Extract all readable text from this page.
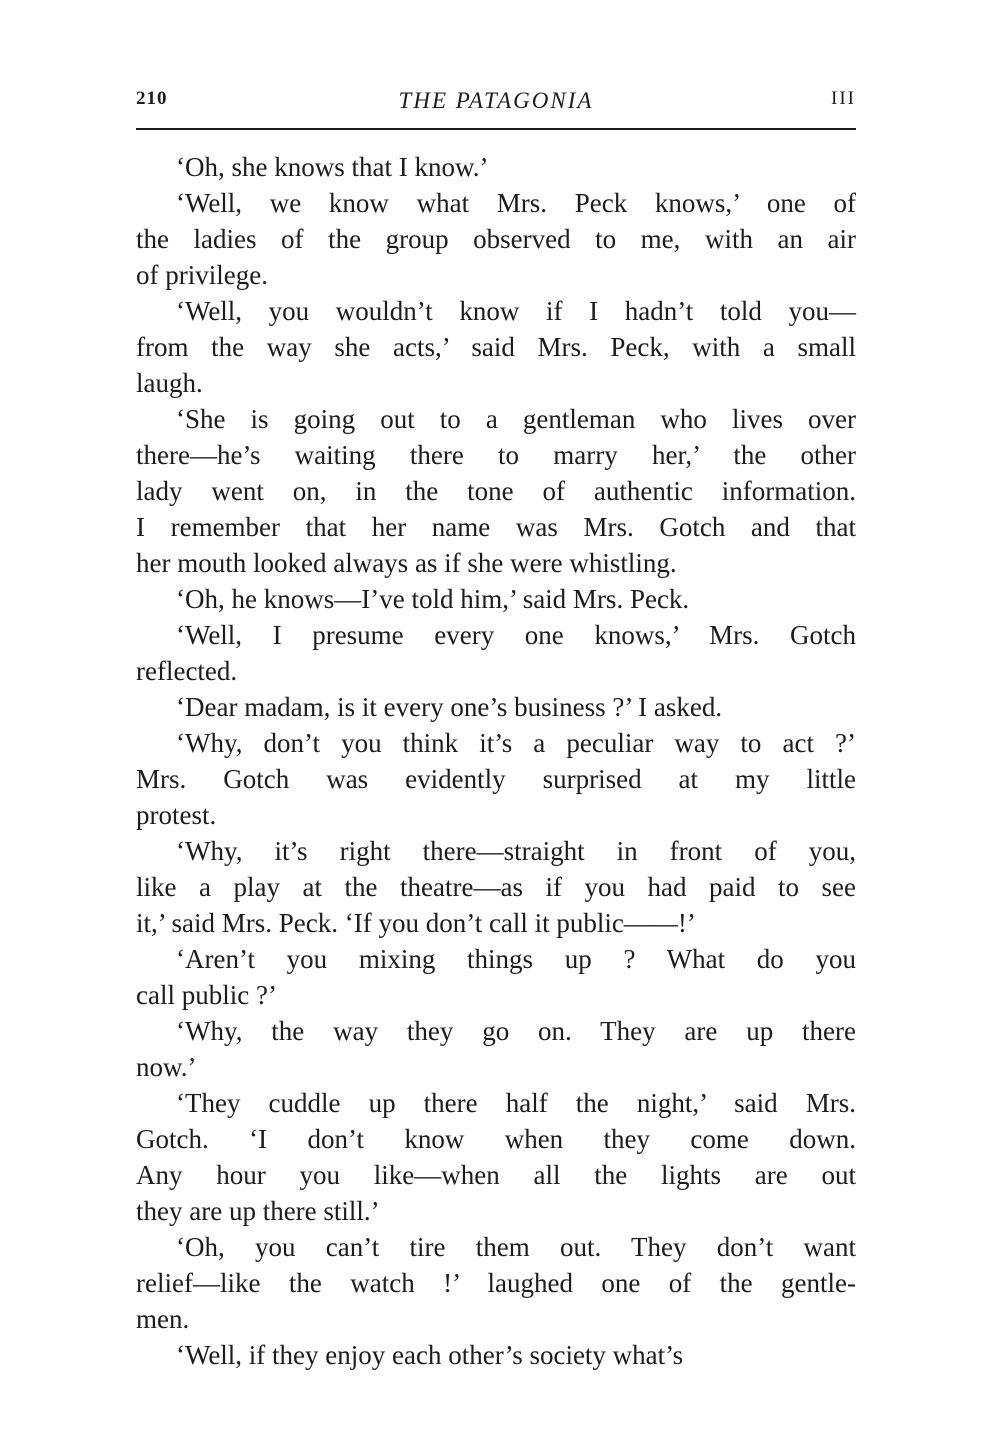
210	THE PATAGONIA	III
‘Oh, she knows that I know.’
‘Well, we know what Mrs. Peck knows,’ one of
the ladies of the group observed to me, with an air
of privilege.
‘Well, you wouldn’t know if I hadn’t told you—
from the way she acts,’ said Mrs. Peck, with a small
laugh.
‘She is going out to a gentleman who lives over
there—he’s waiting there to marry her,’ the other
lady went on, in the tone of authentic information.
I remember that her name was Mrs. Gotch and that
her mouth looked always as if she were whistling.
‘Oh, he knows—I’ve told him,’ said Mrs. Peck.
‘Well, I presume every one knows,’ Mrs. Gotch
reflected.
‘Dear madam, is it every one’s business ?’ I asked.
‘Why, don’t you think it’s a peculiar way to act ?’
Mrs. Gotch was evidently surprised at my little
protest.
‘Why, it’s right there—straight in front of you,
like a play at the theatre—as if you had paid to see
it,’ said Mrs. Peck. ‘If you don’t call it public——!’
‘Aren’t you mixing things up ? What do you
call public ?’
‘Why, the way they go on. They are up there
now.’
‘They cuddle up there half the night,’ said Mrs.
Gotch. ‘I don’t know when they come down.
Any hour you like—when all the lights are out
they are up there still.’
‘Oh, you can’t tire them out. They don’t want
relief—like the watch !’ laughed one of the gentle-
men.
‘Well, if they enjoy each other’s society what’s
